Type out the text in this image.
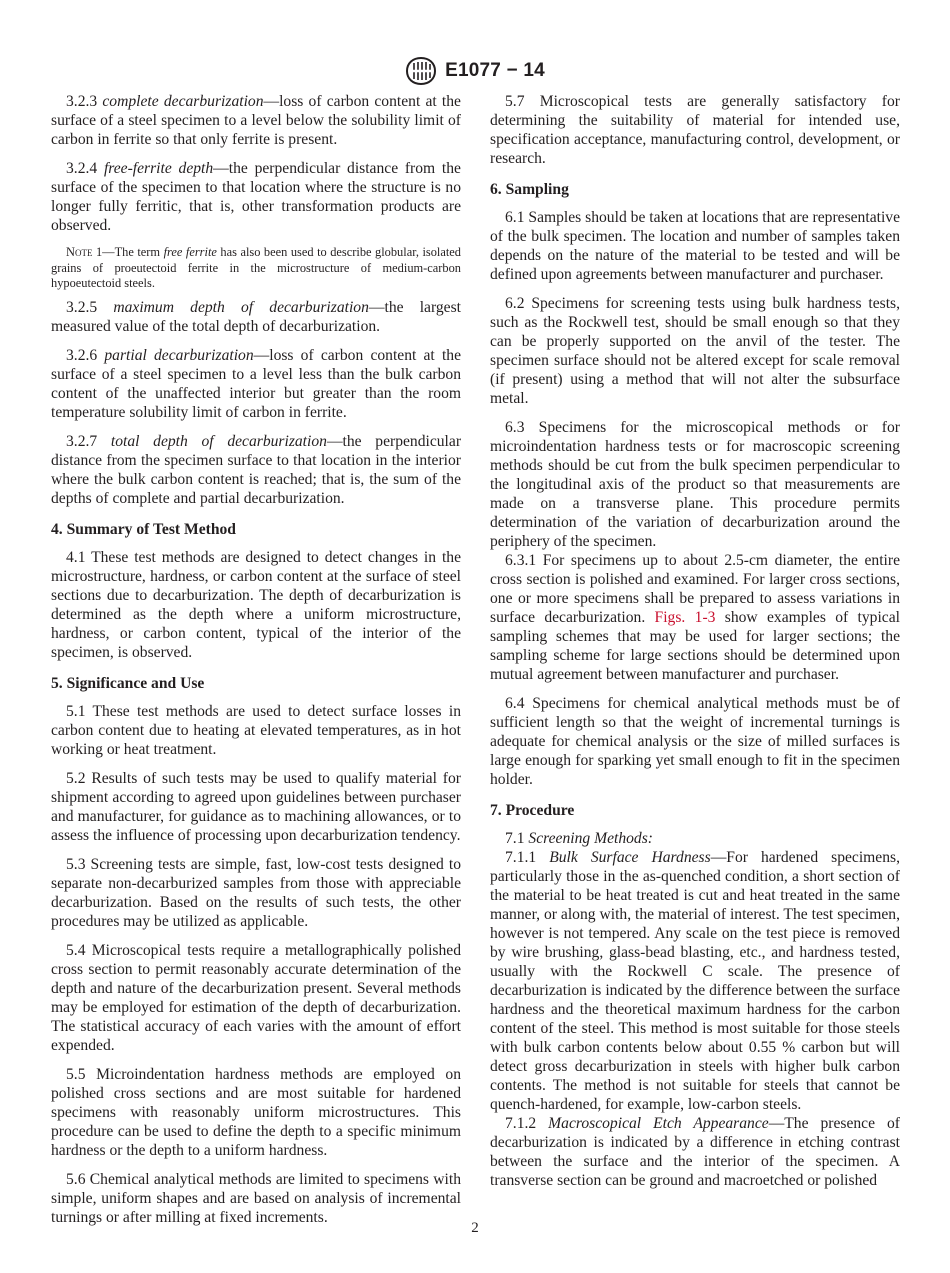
E1077 − 14

3.2.3 complete decarburization—loss of carbon content at the surface of a steel specimen to a level below the solubility limit of carbon in ferrite so that only ferrite is present.

3.2.4 free-ferrite depth—the perpendicular distance from the surface of the specimen to that location where the structure is no longer fully ferritic, that is, other transformation products are observed.

Note 1—The term free ferrite has also been used to describe globular, isolated grains of proeutectoid ferrite in the microstructure of medium-carbon hypoeutectoid steels.

3.2.5 maximum depth of decarburization—the largest measured value of the total depth of decarburization.

3.2.6 partial decarburization—loss of carbon content at the surface of a steel specimen to a level less than the bulk carbon content of the unaffected interior but greater than the room temperature solubility limit of carbon in ferrite.

3.2.7 total depth of decarburization—the perpendicular distance from the specimen surface to that location in the interior where the bulk carbon content is reached; that is, the sum of the depths of complete and partial decarburization.

4. Summary of Test Method

4.1 These test methods are designed to detect changes in the microstructure, hardness, or carbon content at the surface of steel sections due to decarburization. The depth of decarburization is determined as the depth where a uniform microstructure, hardness, or carbon content, typical of the interior of the specimen, is observed.

5. Significance and Use

5.1 These test methods are used to detect surface losses in carbon content due to heating at elevated temperatures, as in hot working or heat treatment.

5.2 Results of such tests may be used to qualify material for shipment according to agreed upon guidelines between purchaser and manufacturer, for guidance as to machining allowances, or to assess the influence of processing upon decarburization tendency.

5.3 Screening tests are simple, fast, low-cost tests designed to separate non-decarburized samples from those with appreciable decarburization. Based on the results of such tests, the other procedures may be utilized as applicable.

5.4 Microscopical tests require a metallographically polished cross section to permit reasonably accurate determination of the depth and nature of the decarburization present. Several methods may be employed for estimation of the depth of decarburization. The statistical accuracy of each varies with the amount of effort expended.

5.5 Microindentation hardness methods are employed on polished cross sections and are most suitable for hardened specimens with reasonably uniform microstructures. This procedure can be used to define the depth to a specific minimum hardness or the depth to a uniform hardness.

5.6 Chemical analytical methods are limited to specimens with simple, uniform shapes and are based on analysis of incremental turnings or after milling at fixed increments.

5.7 Microscopical tests are generally satisfactory for determining the suitability of material for intended use, specification acceptance, manufacturing control, development, or research.

6. Sampling

6.1 Samples should be taken at locations that are representative of the bulk specimen. The location and number of samples taken depends on the nature of the material to be tested and will be defined upon agreements between manufacturer and purchaser.

6.2 Specimens for screening tests using bulk hardness tests, such as the Rockwell test, should be small enough so that they can be properly supported on the anvil of the tester. The specimen surface should not be altered except for scale removal (if present) using a method that will not alter the subsurface metal.

6.3 Specimens for the microscopical methods or for microindentation hardness tests or for macroscopic screening methods should be cut from the bulk specimen perpendicular to the longitudinal axis of the product so that measurements are made on a transverse plane. This procedure permits determination of the variation of decarburization around the periphery of the specimen.

6.3.1 For specimens up to about 2.5-cm diameter, the entire cross section is polished and examined. For larger cross sections, one or more specimens shall be prepared to assess variations in surface decarburization. Figs. 1-3 show examples of typical sampling schemes that may be used for larger sections; the sampling scheme for large sections should be determined upon mutual agreement between manufacturer and purchaser.

6.4 Specimens for chemical analytical methods must be of sufficient length so that the weight of incremental turnings is adequate for chemical analysis or the size of milled surfaces is large enough for sparking yet small enough to fit in the specimen holder.

7. Procedure

7.1 Screening Methods:

7.1.1 Bulk Surface Hardness—For hardened specimens, particularly those in the as-quenched condition, a short section of the material to be heat treated is cut and heat treated in the same manner, or along with, the material of interest. The test specimen, however is not tempered. Any scale on the test piece is removed by wire brushing, glass-bead blasting, etc., and hardness tested, usually with the Rockwell C scale. The presence of decarburization is indicated by the difference between the surface hardness and the theoretical maximum hardness for the carbon content of the steel. This method is most suitable for those steels with bulk carbon contents below about 0.55 % carbon but will detect gross decarburization in steels with higher bulk carbon contents. The method is not suitable for steels that cannot be quench-hardened, for example, low-carbon steels.

7.1.2 Macroscopical Etch Appearance—The presence of decarburization is indicated by a difference in etching contrast between the surface and the interior of the specimen. A transverse section can be ground and macroetched or polished

2
